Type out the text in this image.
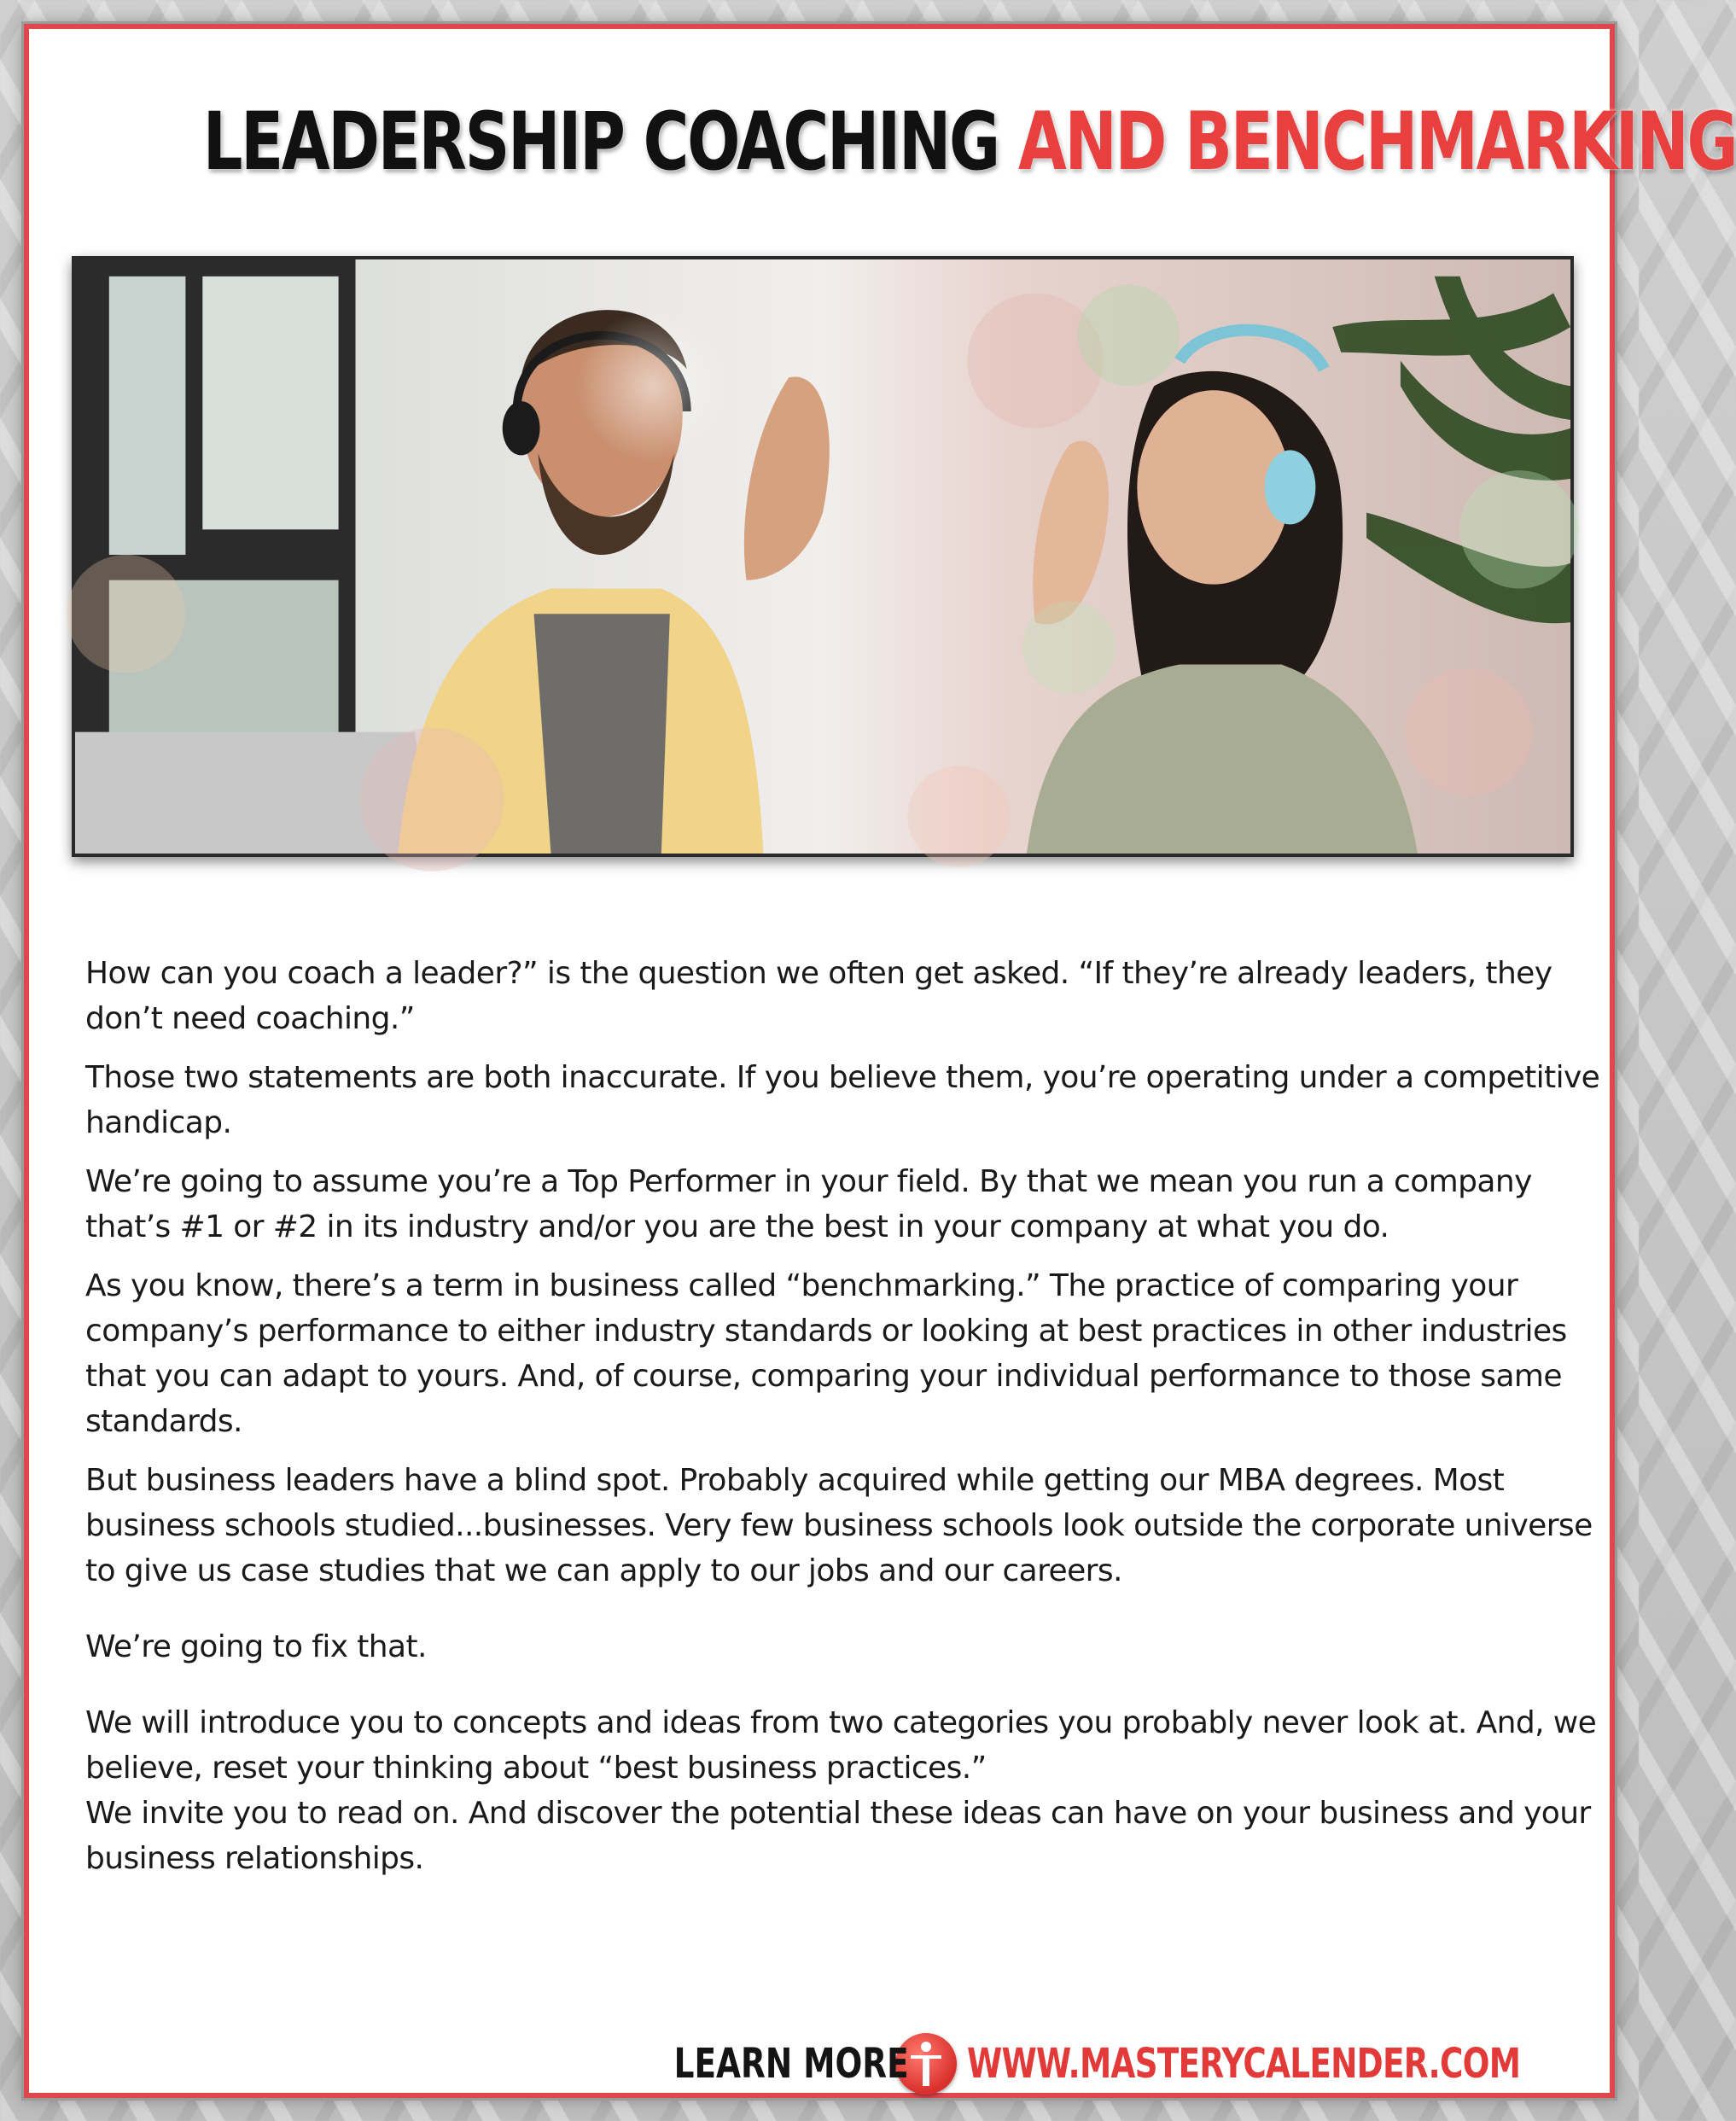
LEADERSHIP COACHING AND BENCHMARKING

How can you coach a leader?” is the question we often get asked. “If they’re already leaders, they don’t need coaching.”

Those two statements are both inaccurate. If you believe them, you’re operating under a competitive handicap.

We’re going to assume you’re a Top Performer in your field. By that we mean you run a company that’s #1 or #2 in its industry and/or you are the best in your company at what you do.

As you know, there’s a term in business called “benchmarking.” The practice of comparing your company’s performance to either industry standards or looking at best practices in other industries that you can adapt to yours. And, of course, comparing your individual performance to those same standards.

But business leaders have a blind spot. Probably acquired while getting our MBA degrees. Most business schools studied...businesses. Very few business schools look outside the corporate universe to give us case studies that we can apply to our jobs and our careers.

We’re going to fix that.

We will introduce you to concepts and ideas from two categories you probably never look at. And, we believe, reset your thinking about “best business practices.”

We invite you to read on. And discover the potential these ideas can have on your business and your business relationships.

LEARN MORE WWW.MASTERYCALENDER.COM
